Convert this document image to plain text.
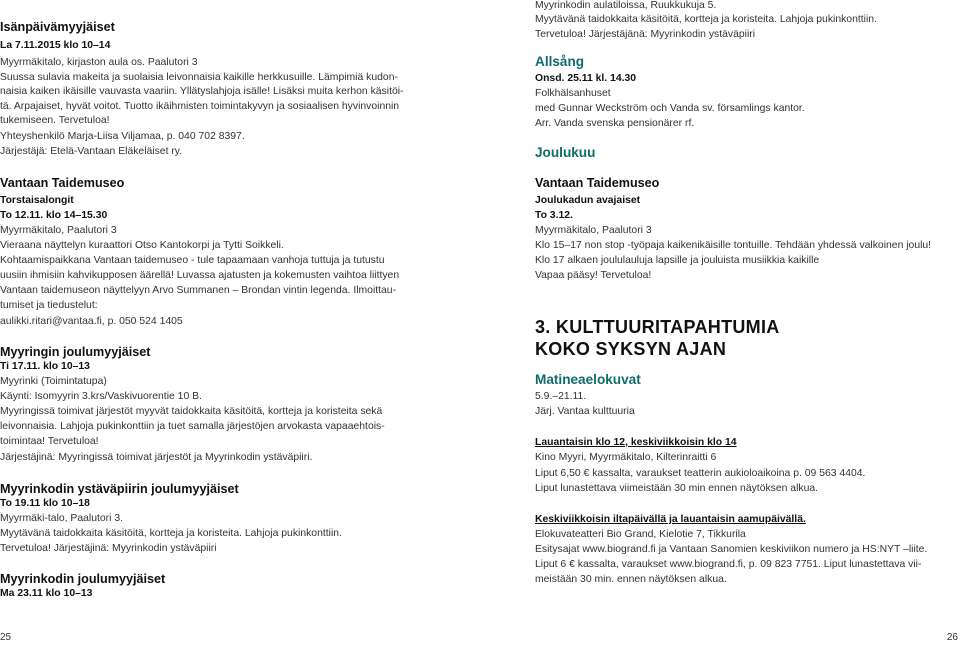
Isänpäivämyyjäiset
La 7.11.2015 klo 10–14
Myyrmäkitalo, kirjaston aula os. Paalutori 3
Suussa sulavia makeita ja suolaisia leivonnaisia kaikille herkkusuille. Lämpimiä kudon-
naisia kaiken ikäisille vauvasta vaariin. Yllätyslahjoja isälle! Lisäksi muita kerhon käsitöi-
tä. Arpajaiset, hyvät voitot. Tuotto ikäihmisten toimintakyvyn ja sosiaalisen hyvinvoinnin
tukemiseen. Tervetuloa!
Yhteyshenkilö Marja-Liisa Viljamaa, p. 040 702 8397.
Järjestäjä: Etelä-Vantaan Eläkeläiset ry.
Vantaan Taidemuseo
Torstaisalongit
To 12.11. klo 14–15.30
Myyrmäkitalo, Paalutori 3
Vieraana näyttelyn kuraattori Otso Kantokorpi ja Tytti Soikkeli.
Kohtaamispaikkana Vantaan taidemuseo - tule tapaamaan vanhoja tuttuja ja tutustu
uusiin ihmisiin kahvikupposen äärellä! Luvassa ajatusten ja kokemusten vaihtoa liittyen
Vantaan taidemuseon näyttelyyn Arvo Summanen – Brondan vintin legenda. Ilmoittau-
tumiset ja tiedustelut:
aulikki.ritari@vantaa.fi, p. 050 524 1405
Myyringin joulumyyjäiset
Ti 17.11. klo 10–13
Myyrinki (Toimintatupa)
Käynti: Isomyyrin 3.krs/Vaskivuorentie 10 B.
Myyringissä toimivat järjestöt myyvät taidokkaita käsitöitä, kortteja ja koristeita sekä
leivonnaisia. Lahjoja pukinkonttiin ja tuet samalla järjestöjen arvokasta vapaaehtois-
toimintaa! Tervetuloa!
Järjestäjinä: Myyringissä toimivat järjestöt ja Myyrinkodin ystäväpiiri.
Myyrinkodin ystäväpiirin joulumyyjäiset
To 19.11 klo 10–18
Myyrmäki-talo, Paalutori 3.
Myytävänä taidokkaita käsitöitä, kortteja ja koristeita. Lahjoja pukinkonttiin.
Tervetuloa! Järjestäjinä: Myyrinkodin ystäväpiiri
Myyrinkodin joulumyyjäiset
Ma 23.11 klo 10–13
Myyrinkodin aulatiloissa, Ruukkukuja 5.
Myytävänä taidokkaita käsitöitä, kortteja ja koristeita. Lahjoja pukinkonttiin.
Tervetuloa! Järjestäjänä: Myyrinkodin ystäväpiiri
Allsång
Onsd. 25.11 kl. 14.30
Folkhälsanhuset
med Gunnar Weckström och Vanda sv. församlings kantor.
Arr. Vanda svenska pensionärer rf.
Joulukuu
Vantaan Taidemuseo
Joulukadun avajaiset
To 3.12.
Myyrmäkitalo, Paalutori 3
Klo 15–17 non stop -työpaja kaikenikäisille tontuille. Tehdään yhdessä valkoinen joulu!
Klo 17 alkaen joululauluja lapsille ja jouluista musiikkia kaikille
Vapaa pääsy! Tervetuloa!
3. KULTTUURITAPAHTUMIA
KOKO SYKSYN AJAN
Matineaelokuvat
5.9.–21.11.
Järj. Vantaa kulttuuria
Lauantaisin klo 12, keskiviikkoisin klo 14
Kino Myyri, Myyrmäkitalo, Kilterinraitti 6
Liput 6,50 € kassalta, varaukset teatterin aukioloaikoina p. 09 563 4404.
Liput lunastettava viimeistään 30 min ennen näytöksen alkua.
Keskiviikkoisin iltapäivällä ja lauantaisin aamupäivällä.
Elokuvateatteri Bio Grand, Kielotie 7, Tikkurila
Esitysajat www.biogrand.fi ja Vantaan Sanomien keskiviikon numero ja HS:NYT –liite.
Liput 6 € kassalta, varaukset www.biogrand.fi, p. 09 823 7751. Liput lunastettava vii-
meistään 30 min. ennen näytöksen alkua.
25	26
